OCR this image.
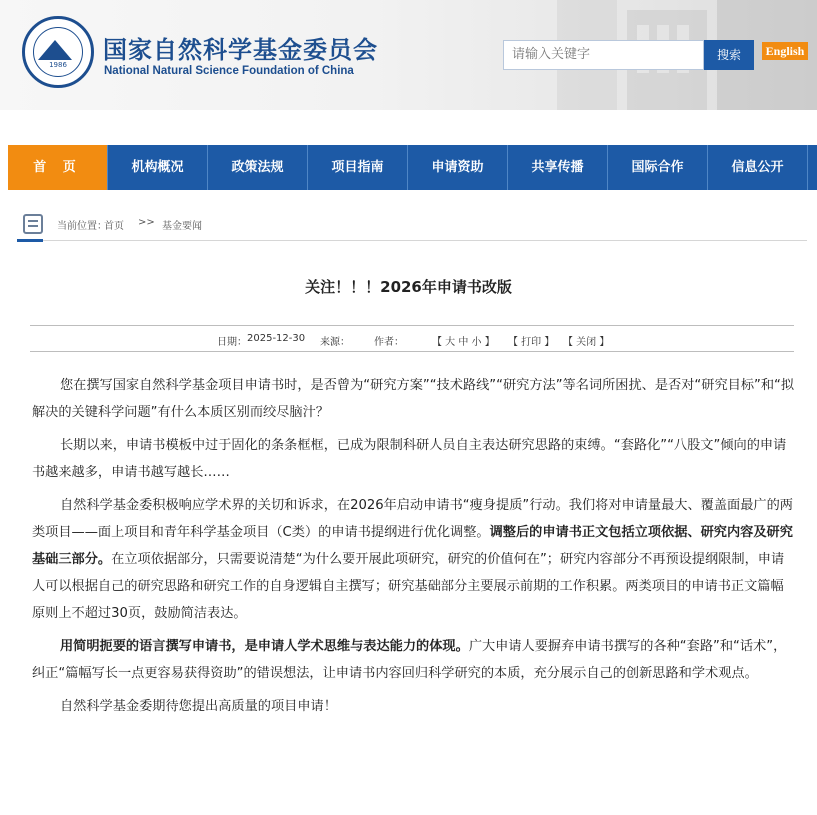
1986
国家自然科学基金委员会
National Natural Science Foundation of China
请输入关键字	搜索	English
首 页	机构概况	政策法规	项目指南	申请资助	共享传播	国际合作	信息公开
当前位置：
首页 >> 基金要闻
关注！！！2026年申请书改版
日期： 2025-12-30 来源： 作者：	【 大 中 小 】 【 打印 】 【 关闭 】

您在撰写国家自然科学基金项目申请书时，是否曾为“研究方案”“技术路线”“研究方法”等名词所困扰、是否对“研究目标”和“拟解决的关键科学问题”有什么本质区别而绞尽脑汁？

长期以来，申请书模板中过于固化的条条框框，已成为限制科研人员自主表达研究思路的束缚。“套路化”“八股文”倾向的申请书越来越多，申请书越写越长……

自然科学基金委积极响应学术界的关切和诉求，在2026年启动申请书“瘦身提质”行动。我们将对申请量最大、覆盖面最广的两类项目——面上项目和青年科学基金项目（C类）的申请书提纲进行优化调整。调整后的申请书正文包括立项依据、研究内容及研究基础三部分。在立项依据部分，只需要说清楚“为什么要开展此项研究，研究的价值何在”；研究内容部分不再预设提纲限制，申请人可以根据自己的研究思路和研究工作的自身逻辑自主撰写；研究基础部分主要展示前期的工作积累。两类项目的申请书正文篇幅原则上不超过30页，鼓励简洁表达。

用简明扼要的语言撰写申请书，是申请人学术思维与表达能力的体现。广大申请人要摒弃申请书撰写的各种“套路”和“话术”，纠正“篇幅写长一点更容易获得资助”的错误想法，让申请书内容回归科学研究的本质，充分展示自己的创新思路和学术观点。

自然科学基金委期待您提出高质量的项目申请！
